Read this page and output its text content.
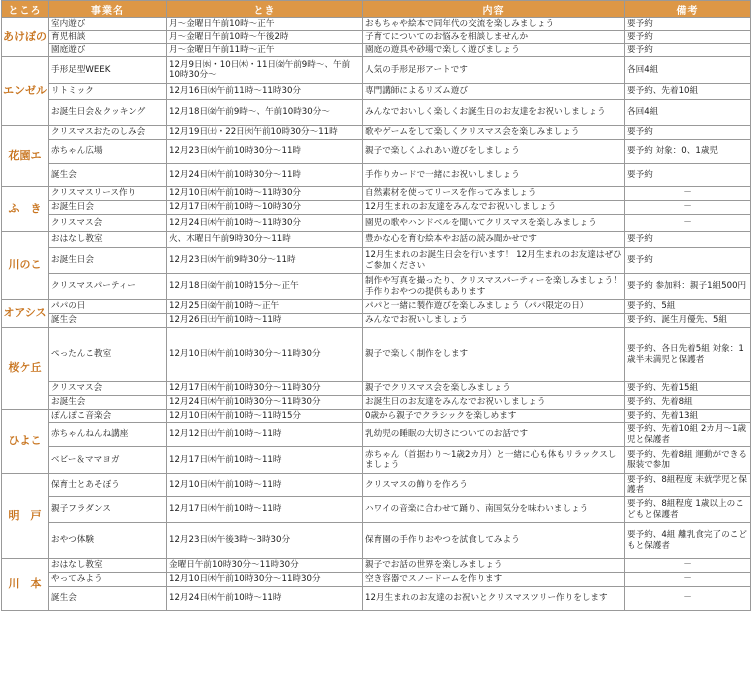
ところ	事業名	とき	内容	備考
あけぼの	室内遊び	月～金曜日午前10時～正午	おもちゃや絵本で同年代の交流を楽しみましょう	要予約
	育児相談	月～金曜日午前10時～午後2時	子育てについてのお悩みを相談しませんか	要予約
	園庭遊び	月～金曜日午前11時～正午	園庭の遊具や砂場で楽しく遊びましょう	要予約
エンゼル	手形足型WEEK	12月9日㈬・10日㈭・11日㈮午前9時～、午前10時30分～	人気の手形足形アートです	各回4組
	リトミック	12月16日㈬午前11時～11時30分	専門講師によるリズム遊び	要予約、先着10組
	お誕生日会＆クッキング	12月18日㈮午前9時～、午前10時30分～	みんなでおいしく楽しくお誕生日のお友達をお祝いしましょう	各回4組
花園エ	クリスマスおたのしみ会	12月19日㈯・22日㈫午前10時30分～11時	歌やゲームをして楽しくクリスマス会を楽しみましょう	要予約
	赤ちゃん広場	12月23日㈬午前10時30分～11時	親子で楽しくふれあい遊びをしましょう	要予約 対象：0、1歳児
	誕生会	12月24日㈭午前10時30分～11時	手作りカードで一緒にお祝いしましょう	要予約
ふ　き	クリスマスリース作り	12月10日㈭午前10時～11時30分	自然素材を使ってリースを作ってみましょう	－
	お誕生日会	12月17日㈭午前10時～10時30分	12月生まれのお友達をみんなでお祝いしましょう	－
	クリスマス会	12月24日㈭午前10時～11時30分	園児の歌やハンドベルを聞いてクリスマスを楽しみましょう	－
川のこ	おはなし教室	火、木曜日午前9時30分～11時	豊かな心を育む絵本やお話の読み聞かせです	要予約
	お誕生日会	12月23日㈬午前9時30分～11時	12月生まれのお誕生日会を行います！ 12月生まれのお友達はぜひご参加ください	要予約
	クリスマスパーティー	12月18日㈮午前10時15分～正午	制作や写真を撮ったり、クリスマスパーティーを楽しみましょう！手作りおやつの提供もあります	要予約 参加料：親子1組500円
オアシス	パパの日	12月25日㈮午前10時～正午	パパと一緒に製作遊びを楽しみましょう（パパ限定の日）	要予約、5組
	誕生会	12月26日㈯午前10時～11時	みんなでお祝いしましょう	要予約、誕生月優先、5組
桜ケ丘	ぺったんこ教室	12月10日㈭午前10時30分～11時30分	親子で楽しく制作をします	要予約、各日先着5組 対象：1歳半未満児と保護者
	クリスマス会	12月17日㈭午前10時30分～11時30分	親子でクリスマス会を楽しみましょう	要予約、先着15組
	お誕生会	12月24日㈭午前10時30分～11時30分	お誕生日のお友達をみんなでお祝いしましょう	要予約、先着8組
ひよこ	ぽんぽこ音楽会	12月10日㈭午前10時～11時15分	0歳から親子でクラシックを楽しめます	要予約、先着13組
	赤ちゃんねんね講座	12月12日㈯午前10時～11時	乳幼児の睡眠の大切さについてのお話です	要予約、先着10組 2カ月～1歳児と保護者
	ベビー＆ママヨガ	12月17日㈭午前10時～11時	赤ちゃん（首据わり～1歳2カ月）と一緒に心も体もリラックスしましょう	要予約、先着8組 運動ができる服装で参加
明　戸	保育士とあそぼう	12月10日㈭午前10時～11時	クリスマスの飾りを作ろう	要予約、8組程度 未就学児と保護者
	親子フラダンス	12月17日㈭午前10時～11時	ハワイの音楽に合わせて踊り、南国気分を味わいましょう	要予約、8組程度 1歳以上のこどもと保護者
	おやつ体験	12月23日㈬午後3時～3時30分	保育園の手作りおやつを試食してみよう	要予約、4組 離乳食完了のこどもと保護者
川　本	おはなし教室	金曜日午前10時30分～11時30分	親子でお話の世界を楽しみましょう	－
	やってみよう	12月10日㈭午前10時30分～11時30分	空き容器でスノードームを作ります	－
	誕生会	12月24日㈭午前10時～11時	12月生まれのお友達のお祝いとクリスマスツリー作りをします	－
